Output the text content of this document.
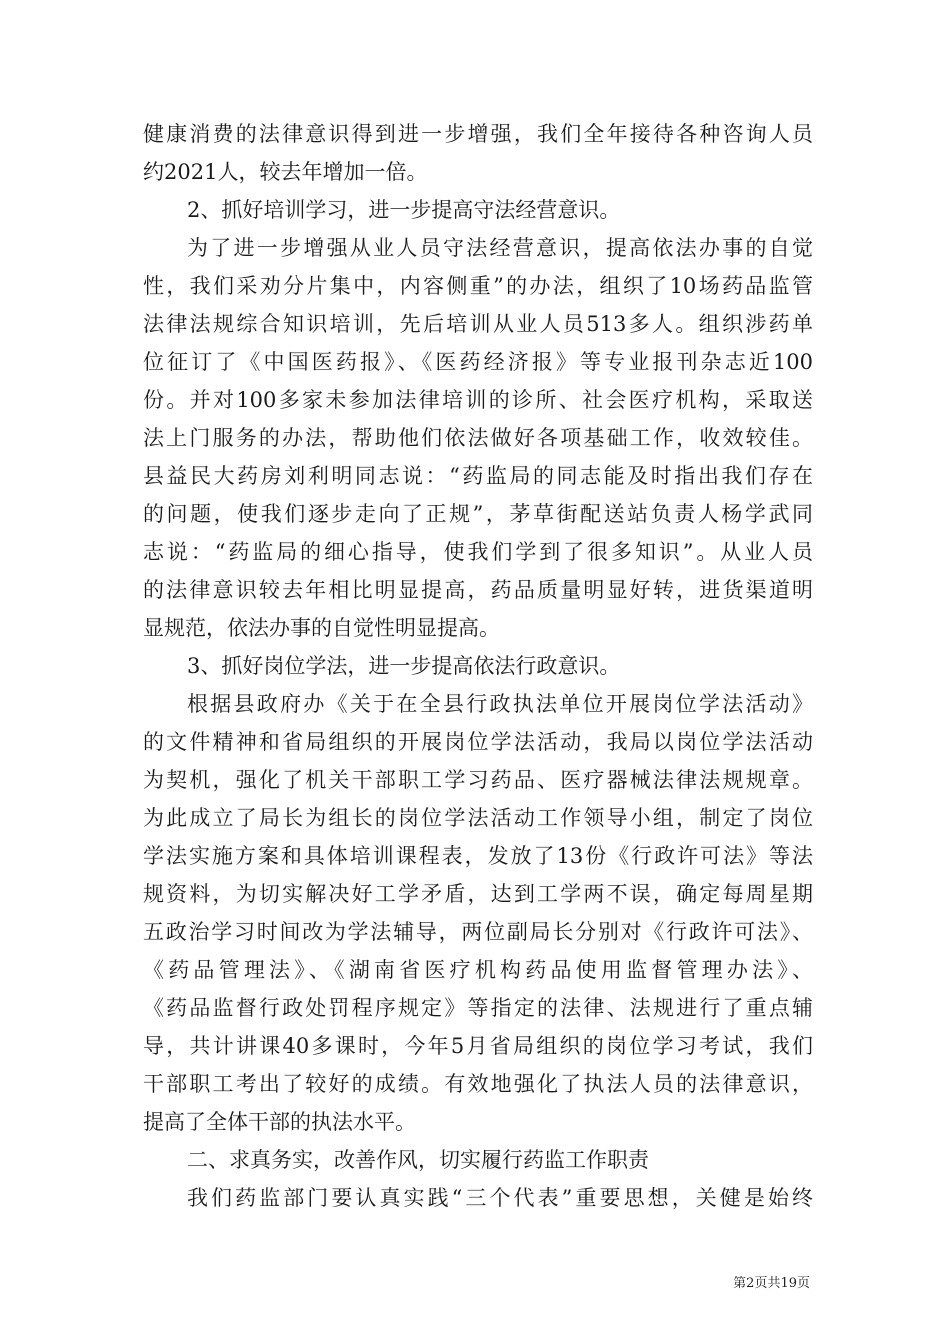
健康消费的法律意识得到进一步增强，我们全年接待各种咨询人员
约2021人，较去年增加一倍。
2、抓好培训学习，进一步提高守法经营意识。
为了进一步增强从业人员守法经营意识，提高依法办事的自觉
性，我们采劝分片集中，内容侧重”的办法，组织了10场药品监管
法律法规综合知识培训，先后培训从业人员513多人。组织涉药单
位征订了《中国医药报》、《医药经济报》等专业报刊杂志近100
份。并对100多家未参加法律培训的诊所、社会医疗机构，采取送
法上门服务的办法，帮助他们依法做好各项基础工作，收效较佳。
县益民大药房刘利明同志说：“药监局的同志能及时指出我们存在
的问题，使我们逐步走向了正规”，茅草街配送站负责人杨学武同
志说：“药监局的细心指导，使我们学到了很多知识”。从业人员
的法律意识较去年相比明显提高，药品质量明显好转，进货渠道明
显规范，依法办事的自觉性明显提高。
3、抓好岗位学法，进一步提高依法行政意识。
根据县政府办《关于在全县行政执法单位开展岗位学法活动》
的文件精神和省局组织的开展岗位学法活动，我局以岗位学法活动
为契机，强化了机关干部职工学习药品、医疗器械法律法规规章。
为此成立了局长为组长的岗位学法活动工作领导小组，制定了岗位
学法实施方案和具体培训课程表，发放了13份《行政许可法》等法
规资料，为切实解决好工学矛盾，达到工学两不误，确定每周星期
五政治学习时间改为学法辅导，两位副局长分别对《行政许可法》、
《药品管理法》、《湖南省医疗机构药品使用监督管理办法》、
《药品监督行政处罚程序规定》等指定的法律、法规进行了重点辅
导，共计讲课40多课时，今年5月省局组织的岗位学习考试，我们
干部职工考出了较好的成绩。有效地强化了执法人员的法律意识，
提高了全体干部的执法水平。
二、求真务实，改善作风，切实履行药监工作职责
我们药监部门要认真实践“三个代表”重要思想，关健是始终
第2页共19页
